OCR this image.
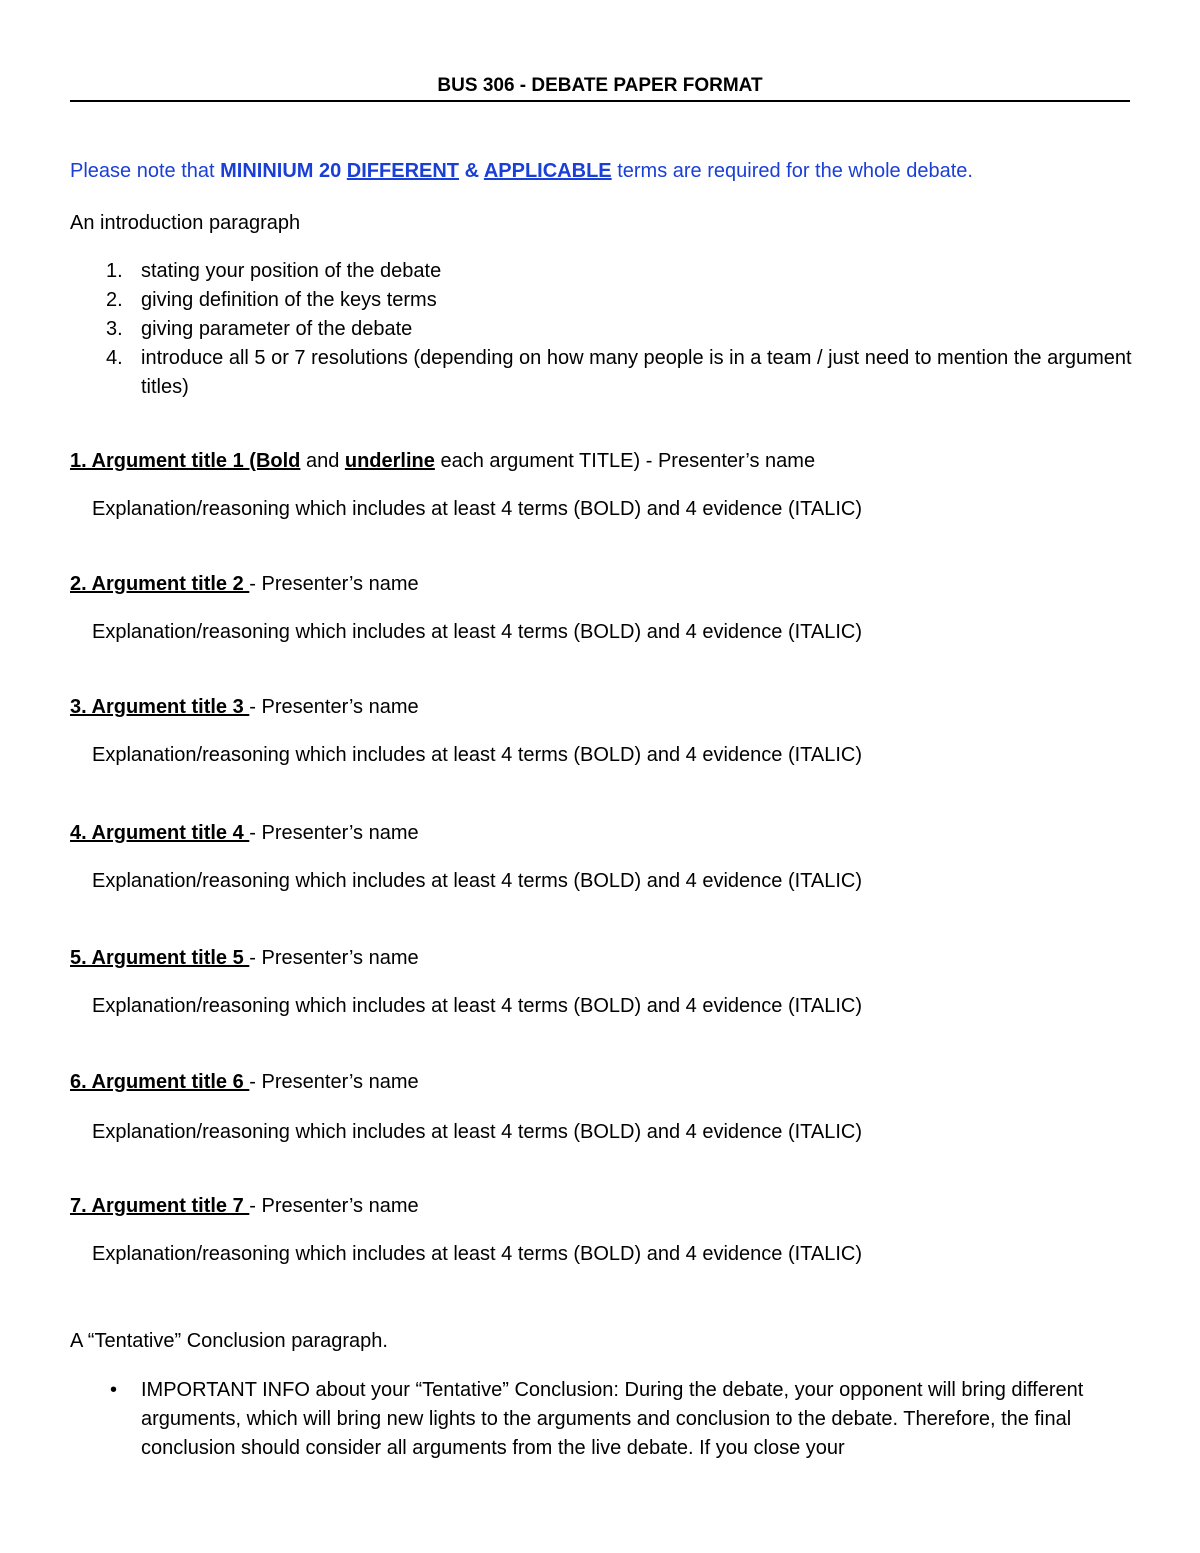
BUS 306 - DEBATE PAPER FORMAT
Please note that MININIUM 20 DIFFERENT & APPLICABLE terms are required for the whole debate.
An introduction paragraph
1. stating your position of the debate
2. giving definition of the keys terms
3. giving parameter of the debate
4. introduce all 5 or 7 resolutions (depending on how many people is in a team / just need to mention the argument titles)
1. Argument title 1 (Bold and underline each argument TITLE) - Presenter’s name
Explanation/reasoning which includes at least 4 terms (BOLD) and 4 evidence (ITALIC)
2. Argument title 2 - Presenter’s name
Explanation/reasoning which includes at least 4 terms (BOLD) and 4 evidence (ITALIC)
3. Argument title 3 - Presenter’s name
Explanation/reasoning which includes at least 4 terms (BOLD) and 4 evidence (ITALIC)
4. Argument title 4 - Presenter’s name
Explanation/reasoning which includes at least 4 terms (BOLD) and 4 evidence (ITALIC)
5. Argument title 5 - Presenter’s name
Explanation/reasoning which includes at least 4 terms (BOLD) and 4 evidence (ITALIC)
6. Argument title 6 - Presenter’s name
Explanation/reasoning which includes at least 4 terms (BOLD) and 4 evidence (ITALIC)
7. Argument title 7 - Presenter’s name
Explanation/reasoning which includes at least 4 terms (BOLD) and 4 evidence (ITALIC)
A “Tentative” Conclusion paragraph.
• IMPORTANT INFO about your “Tentative” Conclusion: During the debate, your opponent will bring different arguments, which will bring new lights to the arguments and conclusion to the debate. Therefore, the final conclusion should consider all arguments from the live debate. If you close your
